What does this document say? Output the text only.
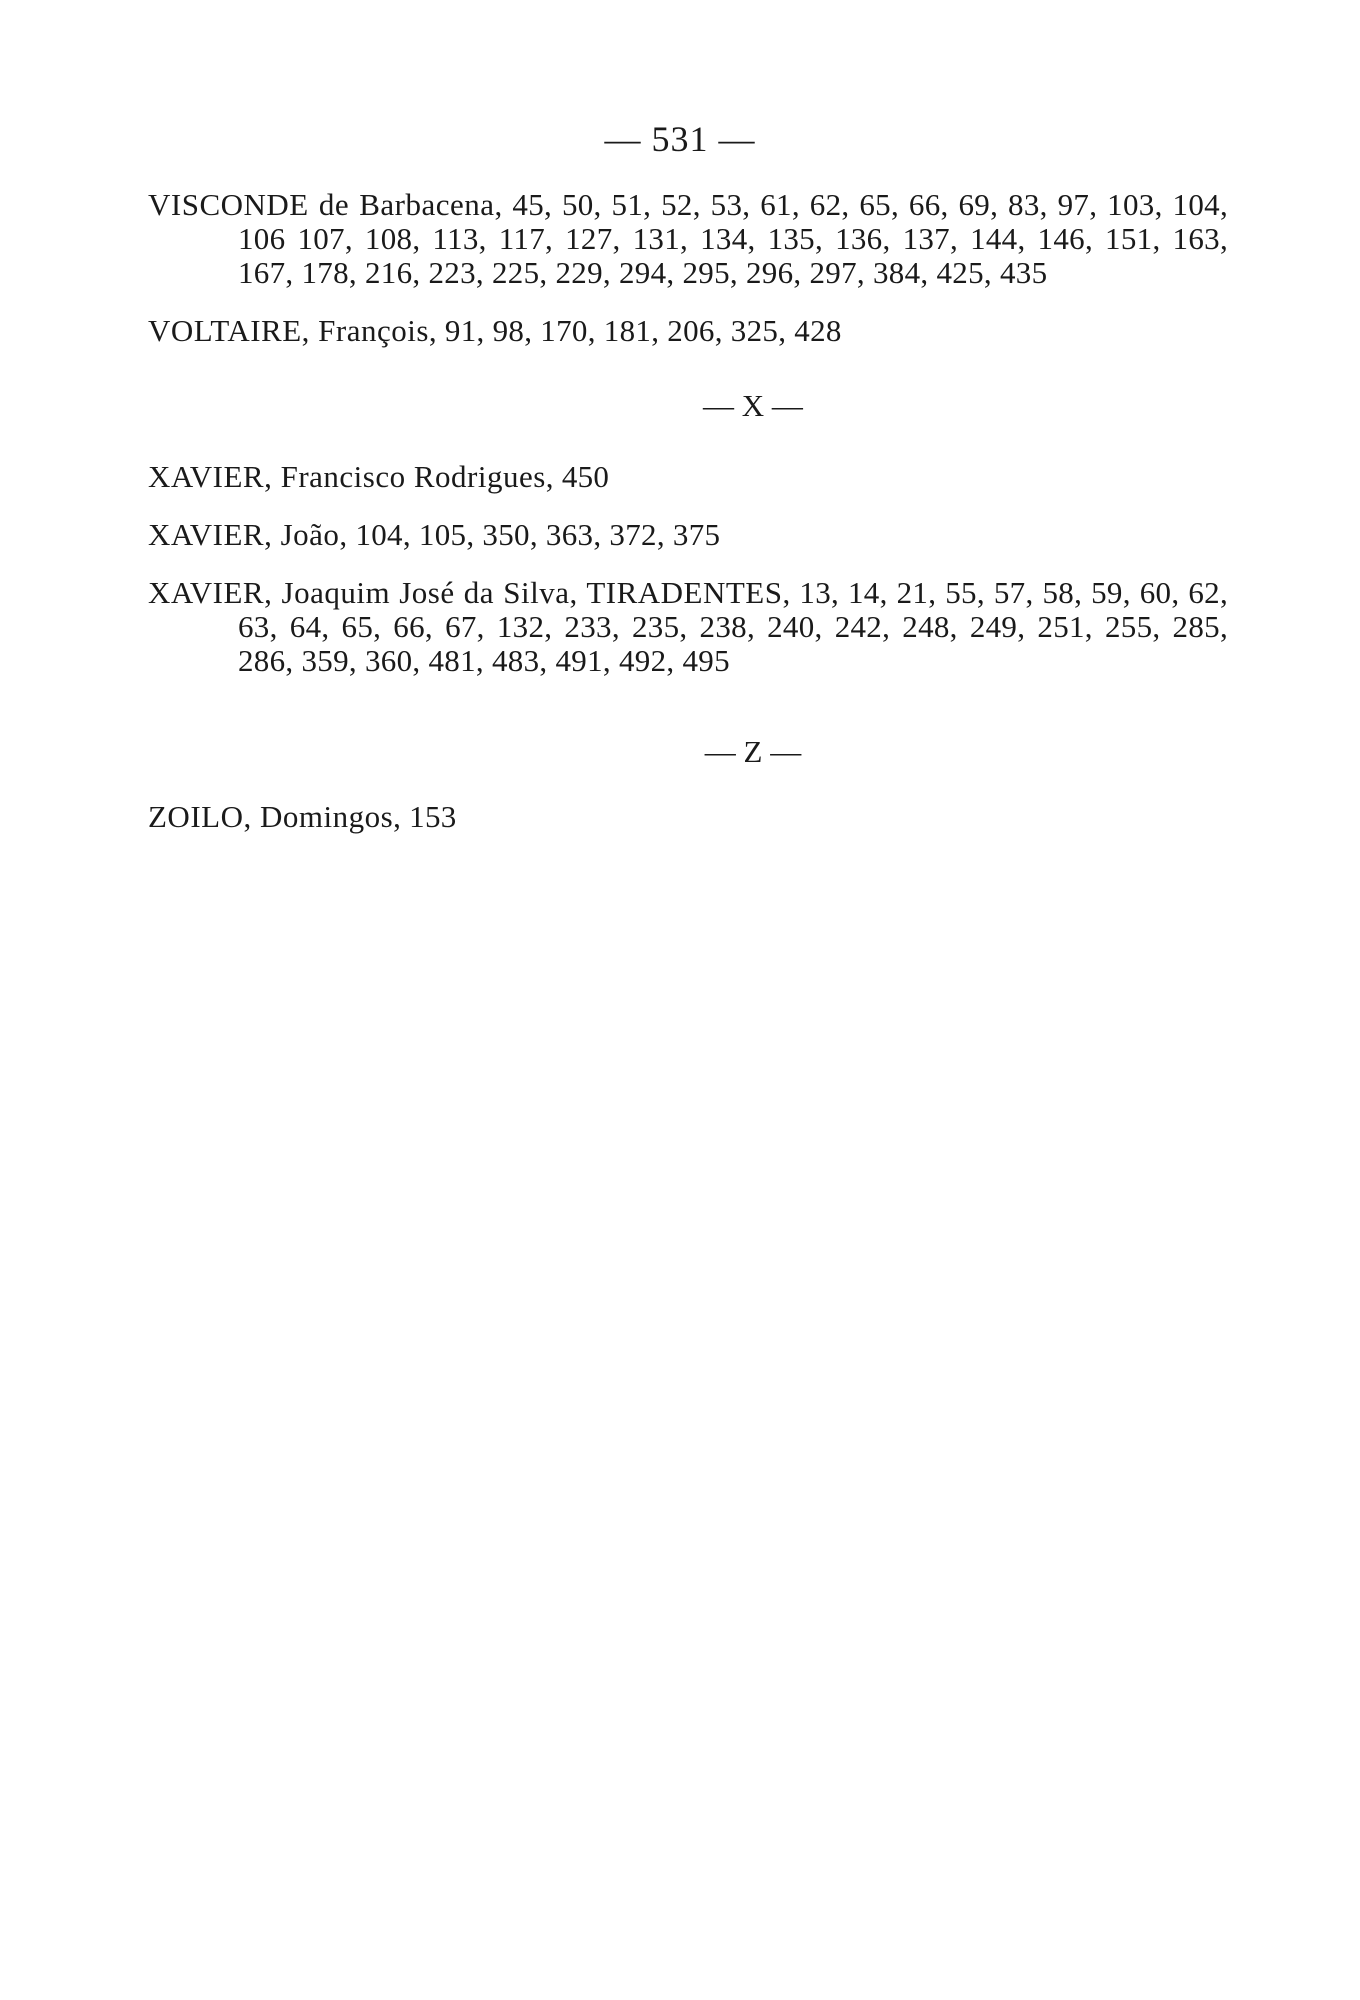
— 531 —

VISCONDE de Barbacena, 45, 50, 51, 52, 53, 61, 62, 65, 66, 69, 83, 97, 103, 104, 106 107, 108, 113, 117, 127, 131, 134, 135, 136, 137, 144, 146, 151, 163, 167, 178, 216, 223, 225, 229, 294, 295, 296, 297, 384, 425, 435

VOLTAIRE, François, 91, 98, 170, 181, 206, 325, 428

— X —

XAVIER, Francisco Rodrigues, 450

XAVIER, João, 104, 105, 350, 363, 372, 375

XAVIER, Joaquim José da Silva, TIRADENTES, 13, 14, 21, 55, 57, 58, 59, 60, 62, 63, 64, 65, 66, 67, 132, 233, 235, 238, 240, 242, 248, 249, 251, 255, 285, 286, 359, 360, 481, 483, 491, 492, 495

— Z —

ZOILO, Domingos, 153
